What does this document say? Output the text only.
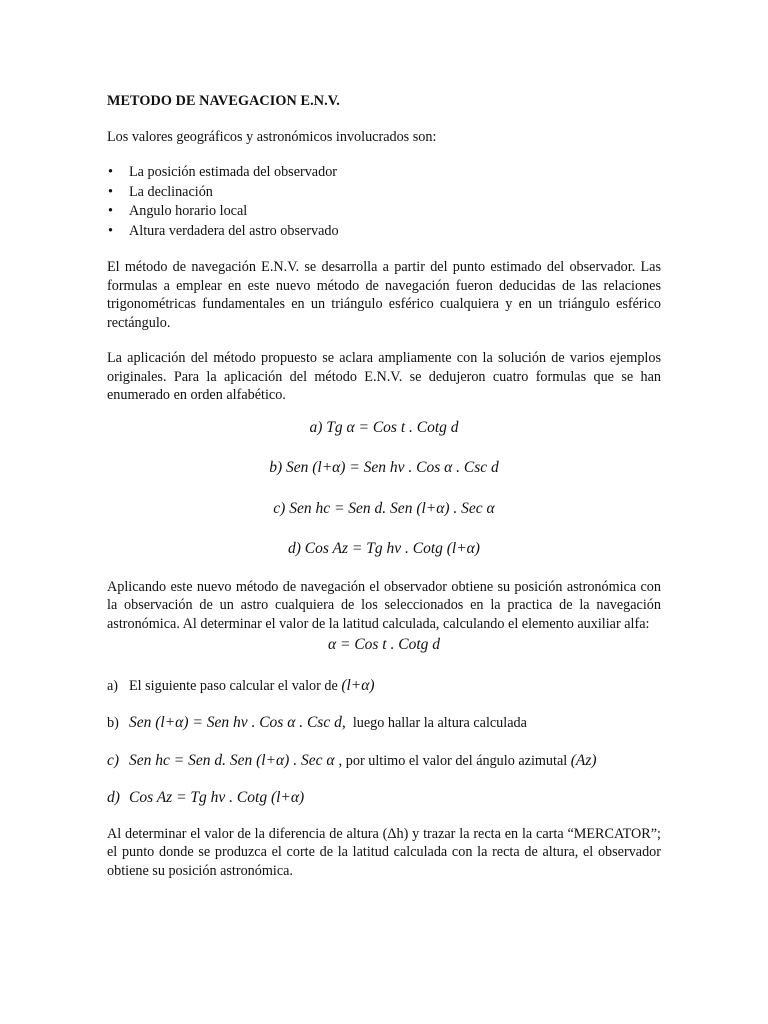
METODO DE NAVEGACION E.N.V.

Los valores geográficos y astronómicos involucrados son:

• La posición estimada del observador
• La declinación
• Angulo horario local
• Altura verdadera del astro observado

El método de navegación E.N.V. se desarrolla a partir del punto estimado del observador. Las formulas a emplear en este nuevo método de navegación fueron deducidas de las relaciones trigonométricas fundamentales en un triángulo esférico cualquiera y en un triángulo esférico rectángulo.

La aplicación del método propuesto se aclara ampliamente con la solución de varios ejemplos originales. Para la aplicación del método E.N.V. se dedujeron cuatro formulas que se han enumerado en orden alfabético.

a) Tg α = Cos t . Cotg d

b) Sen (l+α) = Sen hv . Cos α . Csc d

c) Sen hc = Sen d. Sen (l+α) . Sec α

d) Cos Az = Tg hv . Cotg (l+α)

Aplicando este nuevo método de navegación el observador obtiene su posición astronómica con la observación de un astro cualquiera de los seleccionados en la practica de la navegación astronómica. Al determinar el valor de la latitud calculada, calculando el elemento auxiliar alfa:

α = Cos t . Cotg d

a) El siguiente paso calcular el valor de (l+α)

b) Sen (l+α) = Sen hv . Cos α . Csc d,  luego hallar la altura calculada

c) Sen hc = Sen d. Sen (l+α) . Sec α , por ultimo el valor del ángulo azimutal (Az)

d) Cos Az = Tg hv . Cotg (l+α)

Al determinar el valor de la diferencia de altura (Δh) y trazar la recta en la carta “MERCATOR”; el punto donde se produzca el corte de la latitud calculada con la recta de altura, el observador obtiene su posición astronómica.
